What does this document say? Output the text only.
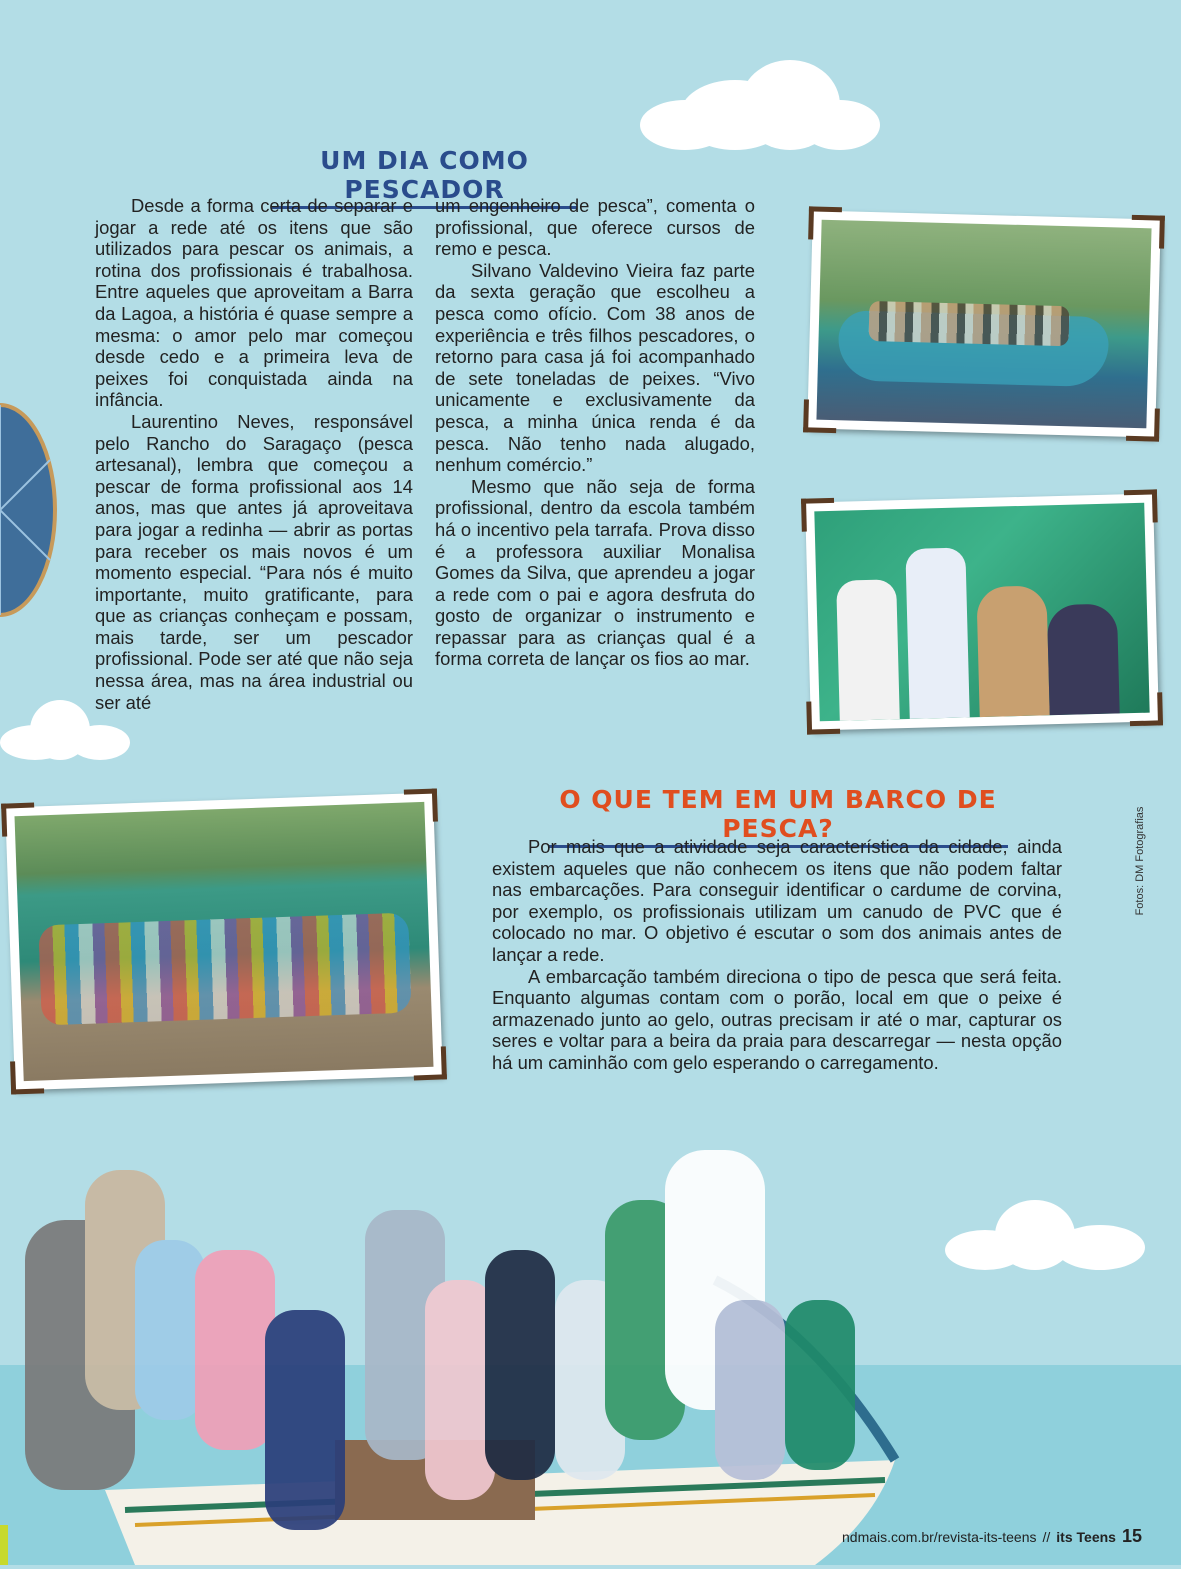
UM DIA COMO PESCADOR

Desde a forma certa de separar e jogar a rede até os itens que são utilizados para pescar os animais, a rotina dos profissionais é trabalhosa. Entre aqueles que aproveitam a Barra da Lagoa, a história é quase sempre a mesma: o amor pelo mar começou desde cedo e a primeira leva de peixes foi conquistada ainda na infância.

Laurentino Neves, responsável pelo Rancho do Saragaço (pesca artesanal), lembra que começou a pescar de forma profissional aos 14 anos, mas que antes já aproveitava para jogar a redinha — abrir as portas para receber os mais novos é um momento especial. “Para nós é muito importante, muito gratificante, para que as crianças conheçam e possam, mais tarde, ser um pescador profissional. Pode ser até que não seja nessa área, mas na área industrial ou ser até

um engenheiro de pesca”, comenta o profissional, que oferece cursos de remo e pesca.

Silvano Valdevino Vieira faz parte da sexta geração que escolheu a pesca como ofício. Com 38 anos de experiência e três filhos pescadores, o retorno para casa já foi acompanhado de sete toneladas de peixes. “Vivo unicamente e exclusivamente da pesca, a minha única renda é da pesca. Não tenho nada alugado, nenhum comércio.”

Mesmo que não seja de forma profissional, dentro da escola também há o incentivo pela tarrafa. Prova disso é a professora auxiliar Monalisa Gomes da Silva, que aprendeu a jogar a rede com o pai e agora desfruta do gosto de organizar o instrumento e repassar para as crianças qual é a forma correta de lançar os fios ao mar.

O QUE TEM EM UM BARCO DE PESCA?

Por mais que a atividade seja característica da cidade, ainda existem aqueles que não conhecem os itens que não podem faltar nas embarcações. Para conseguir identificar o cardume de corvina, por exemplo, os profissionais utilizam um canudo de PVC que é colocado no mar. O objetivo é escutar o som dos animais antes de lançar a rede.

A embarcação também direciona o tipo de pesca que será feita. Enquanto algumas contam com o porão, local em que o peixe é armazenado junto ao gelo, outras precisam ir até o mar, capturar os seres e voltar para a beira da praia para descarregar — nesta opção há um caminhão com gelo esperando o carregamento.

Fotos: DM Fotografias
ndmais.com.br/revista-its-teens // its Teens 15
